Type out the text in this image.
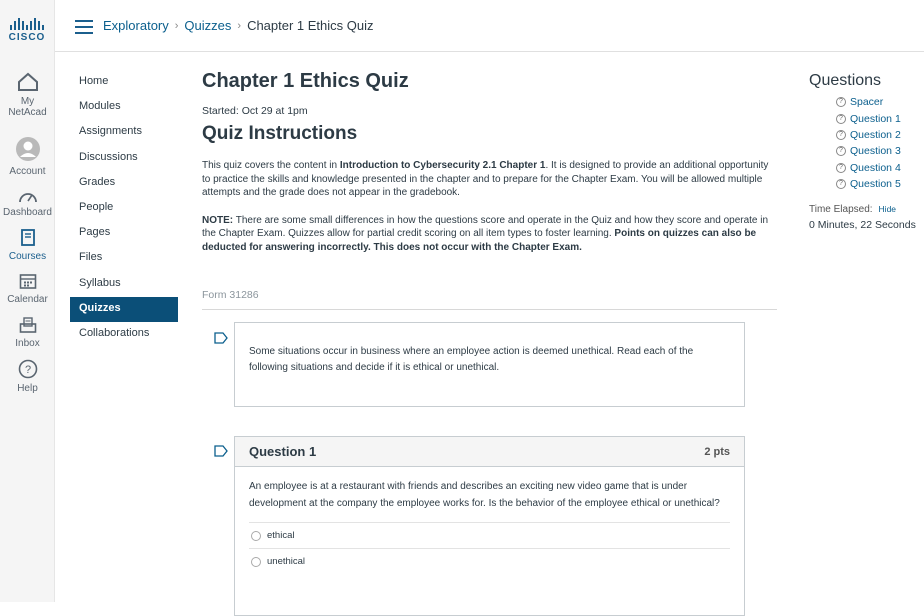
CISCO
My
NetAcad
Account
Dashboard
Courses
Calendar
Inbox
?
Help
Exploratory › Quizzes › Chapter 1 Ethics Quiz
Home
Modules
Assignments
Discussions
Grades
People
Pages
Files
Syllabus
Quizzes
Collaborations
Chapter 1 Ethics Quiz
Started: Oct 29 at 1pm
Quiz Instructions

This quiz covers the content in Introduction to Cybersecurity 2.1 Chapter 1. It is designed to provide an additional opportunity to practice the skills and knowledge presented in the chapter and to prepare for the Chapter Exam. You will be allowed multiple attempts and the grade does not appear in the gradebook.

NOTE: There are some small differences in how the questions score and operate in the Quiz and how they score and operate in the Chapter Exam. Quizzes allow for partial credit scoring on all item types to foster learning. Points on quizzes can also be deducted for answering incorrectly. This does not occur with the Chapter Exam.

Form 31286
Some situations occur in business where an employee action is deemed unethical. Read each of the following situations and decide if it is ethical or unethical.
Question 1	2 pts
An employee is at a restaurant with friends and describes an exciting new video game that is under development at the company the employee works for. Is the behavior of the employee ethical or unethical?
ethical
unethical
Questions
? Spacer
? Question 1
? Question 2
? Question 3
? Question 4
? Question 5
Time Elapsed: Hide
0 Minutes, 22 Seconds
